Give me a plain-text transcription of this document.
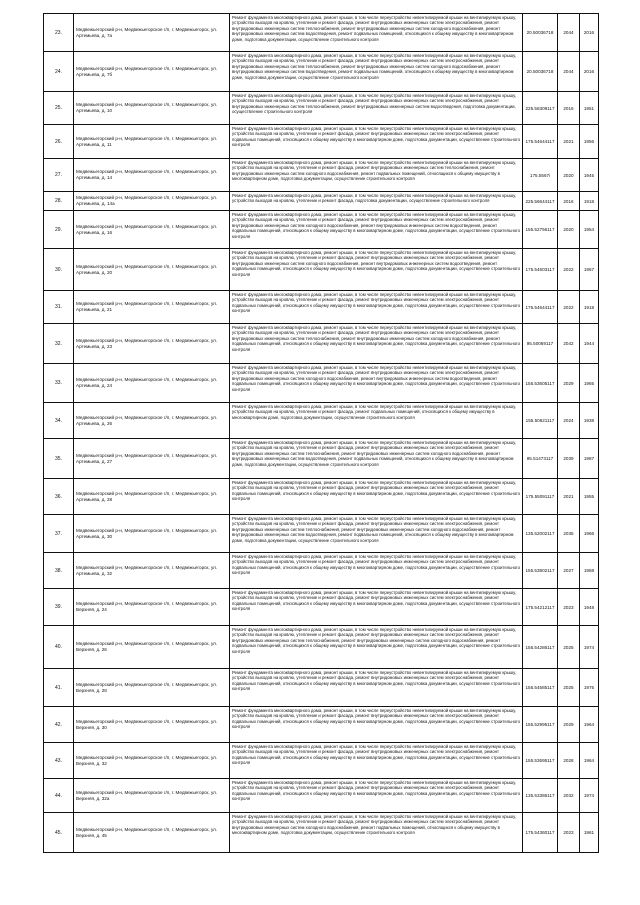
23.
Медвежьегорский р-н, Медвежьегорское г/п, г. Медвежьегорск, ул. Артемьева, д. 7а
Ремонт фундамента многоквартирного дома, ремонт крыши, в том числе переустройство невентилируемой крыши на вентилируемую крышу, устройство выходов на кровлю, утепление и ремонт фасада, ремонт внутридомовых инженерных систем электроснабжения, ремонт внутридомовых инженерных систем теплоснабжения, ремонт внутридомовых инженерных систем холодного водоснабжения, ремонт внутридомовых инженерных систем водоотведения, ремонт подвальных помещений, относящихся к общему имуществу в многоквартирном доме, подготовка документации, осуществление строительного контроля
20.50036718	2044	2016
24.
Медвежьегорский р-н, Медвежьегорское г/п, г. Медвежьегорск, ул. Артемьева, д. 7б
Ремонт фундамента многоквартирного дома, ремонт крыши, в том числе переустройство невентилируемой крыши на вентилируемую крышу, устройство выходов на кровлю, утепление и ремонт фасада, ремонт внутридомовых инженерных систем электроснабжения, ремонт внутридомовых инженерных систем теплоснабжения, ремонт внутридомовых инженерных систем холодного водоснабжения, ремонт внутридомовых инженерных систем водоотведения, ремонт подвальных помещений, относящихся к общему имуществу в многоквартирном доме, подготовка документации, осуществление строительного контроля
20.50036718	2044	2016
25.
Медвежьегорский р-н, Медвежьегорское г/п, г. Медвежьегорск, ул. Артемьева, д. 10
Ремонт фундамента многоквартирного дома, ремонт крыши, в том числе переустройство невентилируемой крыши на вентилируемую крышу, устройство выходов на кровлю, утепление и ремонт фасада, ремонт внутридомовых инженерных систем электроснабжения, ремонт внутридомовых инженерных систем теплоснабжения, ремонт внутридомовых инженерных систем водоотведения, подготовка документации, осуществление строительного контроля
225.56309117	2016	1951
26.
Медвежьегорский р-н, Медвежьегорское г/п, г. Медвежьегорск, ул. Артемьева, д. 11
Ремонт фундамента многоквартирного дома, ремонт крыши, в том числе переустройство невентилируемой крыши на вентилируемую крышу, устройство выходов на кровлю, утепление и ремонт фасада, ремонт внутридомовых инженерных систем электроснабжения, ремонт подвальных помещений, относящихся к общему имуществу в многоквартирном доме, подготовка документации, осуществление строительного контроля
175.54644117	2021	1956
27.
Медвежьегорский р-н, Медвежьегорское г/п, г. Медвежьегорск, ул. Артемьева, д. 14
Ремонт фундамента многоквартирного дома, ремонт крыши, в том числе переустройство невентилируемой крыши на вентилируемую крышу, устройство выходов на кровлю, утепление и ремонт фасада, ремонт внутридомовых инженерных систем теплоснабжения, ремонт внутридомовых инженерных систем холодного водоснабжения, ремонт подвальных помещений, относящихся к общему имуществу в многоквартирном доме, подготовка документации, осуществление строительного контроля
175.5567i	2020	1945
28.
Медвежьегорский р-н, Медвежьегорское г/п, г. Медвежьегорск, ул. Артемьева, д. 14а
Ремонт фундамента многоквартирного дома, ремонт крыши, в том числе переустройство невентилируемой крыши на вентилируемую крышу, устройство выходов на кровлю, утепление и ремонт фасада, подготовка документации, осуществление строительного контроля	225.56644117	2016	1918
29.
Медвежьегорский р-н, Медвежьегорское г/п, г. Медвежьегорск, ул. Артемьева, д. 16
Ремонт фундамента многоквартирного дома, ремонт крыши, в том числе переустройство невентилируемой крыши на вентилируемую крышу, устройство выходов на кровлю, утепление и ремонт фасада, ремонт внутридомовых инженерных систем электроснабжения, ремонт внутридомовых инженерных систем холодного водоснабжения, ремонт внутридомовых инженерных систем водоотведения, ремонт подвальных помещений, относящихся к общему имуществу в многоквартирном доме, подготовка документации, осуществление строительного контроля
155.52756117	2020	1954
30.
Медвежьегорский р-н, Медвежьегорское г/п, г. Медвежьегорск, ул. Артемьева, д. 20
Ремонт фундамента многоквартирного дома, ремонт крыши, в том числе переустройство невентилируемой крыши на вентилируемую крышу, устройство выходов на кровлю, утепление и ремонт фасада, ремонт внутридомовых инженерных систем электроснабжения, ремонт внутридомовых инженерных систем холодного водоснабжения, ремонт внутридомовых инженерных систем водоотведения, ремонт подвальных помещений, относящихся к общему имуществу в многоквартирном доме, подготовка документации, осуществление строительного контроля
175.54603117	2022	1967
31.
Медвежьегорский р-н, Медвежьегорское г/п, г. Медвежьегорск, ул. Артемьева, д. 21
Ремонт фундамента многоквартирного дома, ремонт крыши, в том числе переустройство невентилируемой крыши на вентилируемую крышу, устройство выходов на кровлю, утепление и ремонт фасада, ремонт внутридомовых инженерных систем электроснабжения, ремонт подвальных помещений, относящихся к общему имуществу в многоквартирном доме, подготовка документации, осуществление строительного контроля
175.54644117	2022	1918
32.
Медвежьегорский р-н, Медвежьегорское г/п, г. Медвежьегорск, ул. Артемьева, д. 23
Ремонт фундамента многоквартирного дома, ремонт крыши, в том числе переустройство невентилируемой крыши на вентилируемую крышу, устройство выходов на кровлю, утепление и ремонт фасада, ремонт внутридомовых инженерных систем электроснабжения, ремонт внутридомовых инженерных систем теплоснабжения, ремонт внутридомовых инженерных систем холодного водоснабжения, ремонт подвальных помещений, относящихся к общему имуществу в многоквартирном доме, подготовка документации, осуществление строительного контроля
95.50069117	2042	1944
33.
Медвежьегорский р-н, Медвежьегорское г/п, г. Медвежьегорск, ул. Артемьева, д. 24
Ремонт фундамента многоквартирного дома, ремонт крыши, в том числе переустройство невентилируемой крыши на вентилируемую крышу, устройство выходов на кровлю, утепление и ремонт фасада, ремонт внутридомовых инженерных систем электроснабжения, ремонт внутридомовых инженерных систем холодного водоснабжения, ремонт внутридомовых инженерных систем водоотведения, ремонт подвальных помещений, относящихся к общему имуществу в многоквартирном доме, подготовка документации, осуществление строительного контроля
155.53605117	2029	1965
34.
Медвежьегорский р-н, Медвежьегорское г/п, г. Медвежьегорск, ул. Артемьева, д. 26
Ремонт фундамента многоквартирного дома, ремонт крыши, в том числе переустройство невентилируемой крыши на вентилируемую крышу, устройство выходов на кровлю, утепление и ремонт фасада, ремонт подвальных помещений, относящихся к общему имуществу в многоквартирном доме, подготовка документации, осуществление строительного контроля
155.50621117	2024	1938
35.
Медвежьегорский р-н, Медвежьегорское г/п, г. Медвежьегорск, ул. Артемьева, д. 27
Ремонт фундамента многоквартирного дома, ремонт крыши, в том числе переустройство невентилируемой крыши на вентилируемую крышу, устройство выходов на кровлю, утепление и ремонт фасада, ремонт внутридомовых инженерных систем электроснабжения, ремонт внутридомовых инженерных систем теплоснабжения, ремонт внутридомовых инженерных систем холодного водоснабжения, ремонт внутридомовых инженерных систем водоотведения, ремонт подвальных помещений, относящихся к общему имуществу в многоквартирном доме, подготовка документации, осуществление строительного контроля
95.51473117	2039	1987
36.
Медвежьегорский р-н, Медвежьегорское г/п, г. Медвежьегорск, ул. Артемьева, д. 28
Ремонт фундамента многоквартирного дома, ремонт крыши, в том числе переустройство невентилируемой крыши на вентилируемую крышу, устройство выходов на кровлю, утепление и ремонт фасада, ремонт внутридомовых инженерных систем электроснабжения, ремонт подвальных помещений, относящихся к общему имуществу в многоквартирном доме, подготовка документации, осуществление строительного контроля	175.55091117	2021	1955
37.
Медвежьегорский р-н, Медвежьегорское г/п, г. Медвежьегорск, ул. Артемьева, д. 30
Ремонт фундамента многоквартирного дома, ремонт крыши, в том числе переустройство невентилируемой крыши на вентилируемую крышу, устройство выходов на кровлю, утепление и ремонт фасада, ремонт внутридомовых инженерных систем электроснабжения, ремонт внутридомовых инженерных систем теплоснабжения, ремонт внутридомовых инженерных систем холодного водоснабжения, ремонт внутридомовых инженерных систем водоотведения, ремонт подвальных помещений, относящихся к общему имуществу в многоквартирном доме, подготовка документации, осуществление строительного контроля
135.52002117	2035	1966
38.
Медвежьегорский р-н, Медвежьегорское г/п, г. Медвежьегорск, ул. Артемьева, д. 32
Ремонт фундамента многоквартирного дома, ремонт крыши, в том числе переустройство невентилируемой крыши на вентилируемую крышу, устройство выходов на кровлю, утепление и ремонт фасада, ремонт внутридомовых инженерных систем электроснабжения, ремонт подвальных помещений, относящихся к общему имуществу в многоквартирном доме, подготовка документации, осуществление строительного контроля	155.53802117	2027	1958
39.
Медвежьегорский р-н, Медвежьегорское г/п, г. Медвежьегорск, ул. Верхняя, д. 24
Ремонт фундамента многоквартирного дома, ремонт крыши, в том числе переустройство невентилируемой крыши на вентилируемую крышу, устройство выходов на кровлю, утепление и ремонт фасада, ремонт внутридомовых инженерных систем электроснабжения, ремонт подвальных помещений, относящихся к общему имуществу в многоквартирном доме, подготовка документации, осуществление строительного контроля	175.54212117	2023	1948
40.
Медвежьегорский р-н, Медвежьегорское г/п, г. Медвежьегорск, ул. Верхняя, д. 26
Ремонт фундамента многоквартирного дома, ремонт крыши, в том числе переустройство невентилируемой крыши на вентилируемую крышу, устройство выходов на кровлю, утепление и ремонт фасада, ремонт внутридомовых инженерных систем электроснабжения, ремонт внутридомовых инженерных систем теплоснабжения, ремонт внутридомовых инженерных систем холодного водоснабжения, ремонт подвальных помещений, относящихся к общему имуществу в многоквартирном доме, подготовка документации, осуществление строительного контроля
155.54286117	2025	1974
41.
Медвежьегорский р-н, Медвежьегорское г/п, г. Медвежьегорск, ул. Верхняя, д. 28
Ремонт фундамента многоквартирного дома, ремонт крыши, в том числе переустройство невентилируемой крыши на вентилируемую крышу, устройство выходов на кровлю, утепление и ремонт фасада, ремонт внутридомовых инженерных систем электроснабжения, ремонт подвальных помещений, относящихся к общему имуществу в многоквартирном доме, подготовка документации, осуществление строительного контроля	155.54585117	2025	1975
42.
Медвежьегорский р-н, Медвежьегорское г/п, г. Медвежьегорск, ул. Верхняя, д. 30
Ремонт фундамента многоквартирного дома, ремонт крыши, в том числе переустройство невентилируемой крыши на вентилируемую крышу, устройство выходов на кровлю, утепление и ремонт фасада, ремонт внутридомовых инженерных систем электроснабжения, ремонт подвальных помещений, относящихся к общему имуществу в многоквартирном доме, подготовка документации, осуществление строительного контроля	155.52995117	2029	1964
43.
Медвежьегорский р-н, Медвежьегорское г/п, г. Медвежьегорск, ул. Верхняя, д. 32
Ремонт фундамента многоквартирного дома, ремонт крыши, в том числе переустройство невентилируемой крыши на вентилируемую крышу, устройство выходов на кровлю, утепление и ремонт фасада, ремонт внутридомовых инженерных систем электроснабжения, ремонт подвальных помещений, относящихся к общему имуществу в многоквартирном доме, подготовка документации, осуществление строительного контроля	155.53695117	2028	1964
44.
Медвежьегорский р-н, Медвежьегорское г/п, г. Медвежьегорск, ул. Верхняя, д. 32а
Ремонт фундамента многоквартирного дома, ремонт крыши, в том числе переустройство невентилируемой крыши на вентилируемую крышу, устройство выходов на кровлю, утепление и ремонт фасада, ремонт внутридомовых инженерных систем электроснабжения, ремонт подвальных помещений, относящихся к общему имуществу в многоквартирном доме, подготовка документации, осуществление строительного контроля
135.53386117	2032	1974
45.
Медвежьегорский р-н, Медвежьегорское г/п, г. Медвежьегорск, ул. Верхняя, д. 45
Ремонт фундамента многоквартирного дома, ремонт крыши, в том числе переустройство невентилируемой крыши на вентилируемую крышу, устройство выходов на кровлю, утепление и ремонт фасада, ремонт внутридомовых инженерных систем электроснабжения, ремонт внутридомовых инженерных систем холодного водоснабжения, ремонт подвальных помещений, относящихся к общему имуществу в многоквартирном доме, подготовка документации, осуществление строительного контроля	175.54360117	2023	1961
